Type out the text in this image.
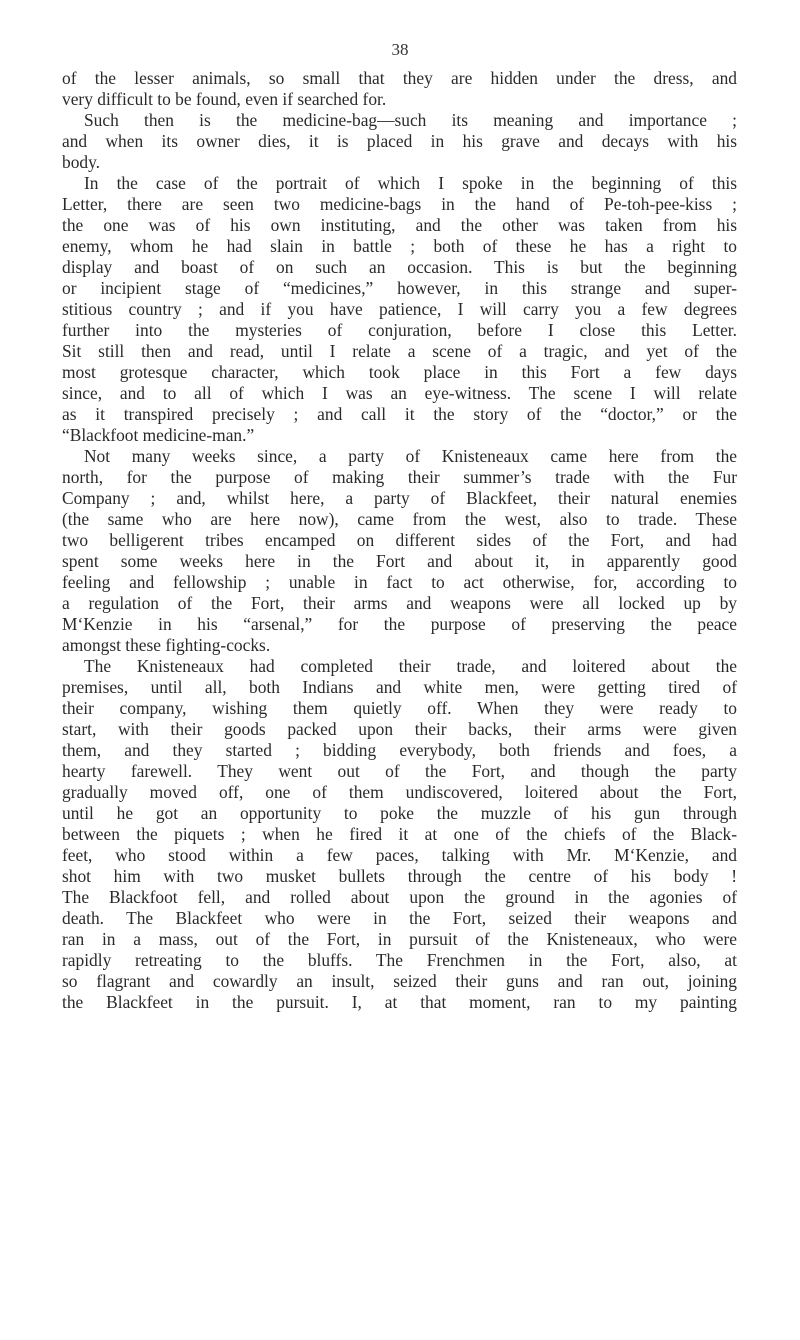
38
of the lesser animals, so small that they are hidden under the dress, and
very difficult to be found, even if searched for.
Such then is the medicine-bag—such its meaning and importance ;
and when its owner dies, it is placed in his grave and decays with his
body.
In the case of the portrait of which I spoke in the beginning of this
Letter, there are seen two medicine-bags in the hand of Pe-toh-pee-kiss ;
the one was of his own instituting, and the other was taken from his
enemy, whom he had slain in battle ; both of these he has a right to
display and boast of on such an occasion. This is but the beginning
or incipient stage of “medicines,” however, in this strange and super-
stitious country ; and if you have patience, I will carry you a few degrees
further into the mysteries of conjuration, before I close this Letter.
Sit still then and read, until I relate a scene of a tragic, and yet of the
most grotesque character, which took place in this Fort a few days
since, and to all of which I was an eye-witness. The scene I will relate
as it transpired precisely ; and call it the story of the “doctor,” or the
“Blackfoot medicine-man.”
Not many weeks since, a party of Knisteneaux came here from the
north, for the purpose of making their summer’s trade with the Fur
Company ; and, whilst here, a party of Blackfeet, their natural enemies
(the same who are here now), came from the west, also to trade. These
two belligerent tribes encamped on different sides of the Fort, and had
spent some weeks here in the Fort and about it, in apparently good
feeling and fellowship ; unable in fact to act otherwise, for, according to
a regulation of the Fort, their arms and weapons were all locked up by
M‘Kenzie in his “arsenal,” for the purpose of preserving the peace
amongst these fighting-cocks.
The Knisteneaux had completed their trade, and loitered about the
premises, until all, both Indians and white men, were getting tired of
their company, wishing them quietly off. When they were ready to
start, with their goods packed upon their backs, their arms were given
them, and they started ; bidding everybody, both friends and foes, a
hearty farewell. They went out of the Fort, and though the party
gradually moved off, one of them undiscovered, loitered about the Fort,
until he got an opportunity to poke the muzzle of his gun through
between the piquets ; when he fired it at one of the chiefs of the Black-
feet, who stood within a few paces, talking with Mr. M‘Kenzie, and
shot him with two musket bullets through the centre of his body !
The Blackfoot fell, and rolled about upon the ground in the agonies of
death. The Blackfeet who were in the Fort, seized their weapons and
ran in a mass, out of the Fort, in pursuit of the Knisteneaux, who were
rapidly retreating to the bluffs. The Frenchmen in the Fort, also, at
so flagrant and cowardly an insult, seized their guns and ran out, joining
the Blackfeet in the pursuit. I, at that moment, ran to my painting
